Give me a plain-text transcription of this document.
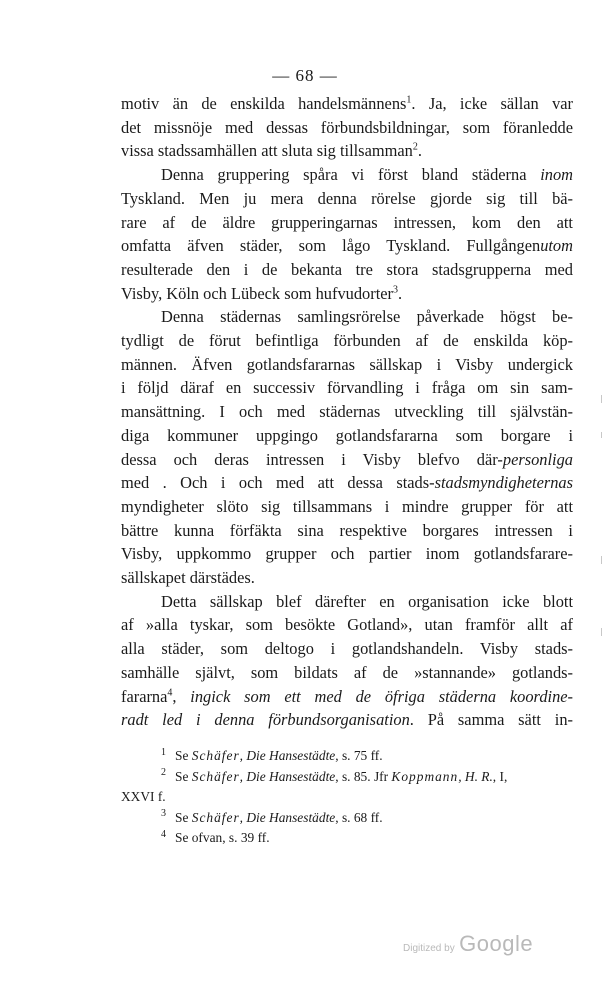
— 68 —
motiv än de enskilda handelsmännens$^1$. Ja, icke sällan var
det missnöje med dessas förbundsbildningar, som föranledde
vissa stadssamhällen att sluta sig tillsamman$^2$.
Denna gruppering spåra vi först bland städerna inom
Tyskland. Men ju mera denna rörelse gjorde sig till bä-
rare af de äldre grupperingarnas intressen, kom den att
omfatta äfven städer, som lågo Tyskland. Fullgångenutom
resulterade den i de bekanta tre stora stadsgrupperna med
Visby, Köln och Lübeck som hufvudorter$^3$.
Denna städernas samlingsrörelse påverkade högst be-
tydligt de förut befintliga förbunden af de enskilda köp-
männen. Äfven gotlandsfararnas sällskap i Visby undergick
i följd däraf en successiv förvandling i fråga om sin sam-
mansättning. I och med städernas utveckling till självstän-
diga kommuner uppgingo gotlandsfararna som borgare i
dessa och deras intressen i Visby blefvo där-personliga
med . Och i och med att dessa stads-stadsmyndigheternas
myndigheter slöto sig tillsammans i mindre grupper för att
bättre kunna förfäkta sina respektive borgares intressen i
Visby, uppkommo grupper och partier inom gotlandsfarare-
sällskapet därstädes.
Detta sällskap blef därefter en organisation icke blott
af »alla tyskar, som besökte Gotland», utan framför allt af
alla städer, som deltogo i gotlandshandeln. Visby stads-
samhälle självt, som bildats af de »stannande» gotlands-
fararna$^4$, ingick som ett med de öfriga städerna koordine-
radt led i denna förbundsorganisation. På samma sätt in-
1 Se Schäfer, Die Hansestädte, s. 75 ff.
2 Se Schäfer, Die Hansestädte, s. 85. Jfr Koppmann, H. R., I,
XXVI f.
3 Se Schäfer, Die Hansestädte, s. 68 ff.
4 Se ofvan, s. 39 ff.
Digitized by Google
